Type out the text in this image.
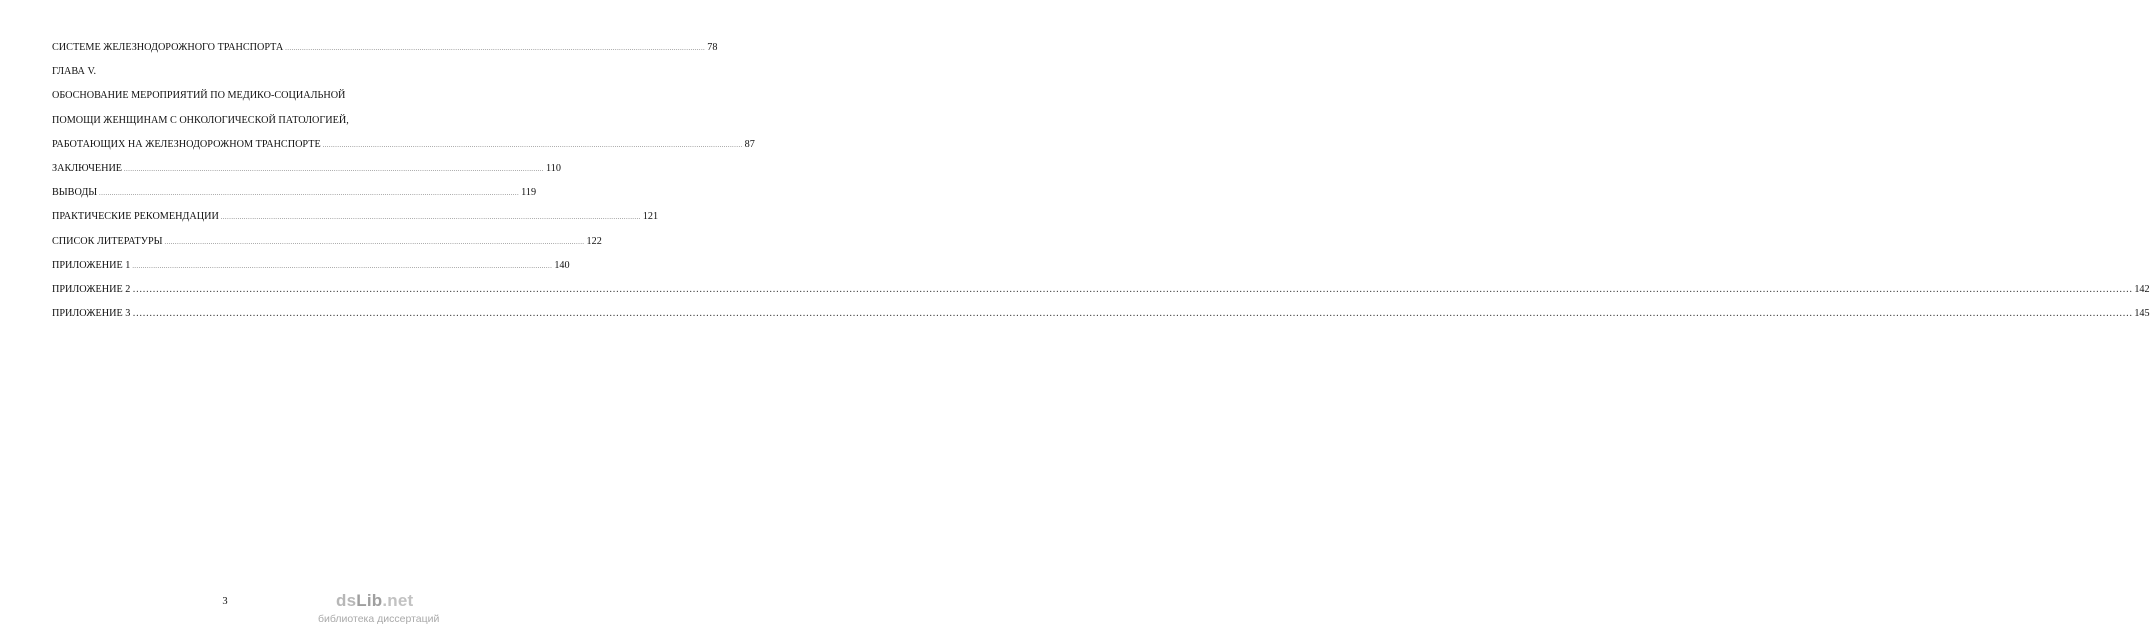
СИСТЕМЕ ЖЕЛЕЗНОДОРОЖНОГО ТРАНСПОРТА ........................................................................................................................................................................................................ 78
ГЛАВА V.
ОБОСНОВАНИЕ МЕРОПРИЯТИЙ ПО МЕДИКО-СОЦИАЛЬНОЙ
ПОМОЩИ ЖЕНЩИНАМ С ОНКОЛОГИЧЕСКОЙ ПАТОЛОГИЕЙ,
РАБОТАЮЩИХ НА ЖЕЛЕЗНОДОРОЖНОМ ТРАНСПОРТЕ ........................................................................................................................................................................................................ 87
ЗАКЛЮЧЕНИЕ ........................................................................................................................................................................................................ 110
ВЫВОДЫ ........................................................................................................................................................................................................ 119
ПРАКТИЧЕСКИЕ РЕКОМЕНДАЦИИ ........................................................................................................................................................................................................ 121
СПИСОК ЛИТЕРАТУРЫ ........................................................................................................................................................................................................ 122
ПРИЛОЖЕНИЕ 1 ........................................................................................................................................................................................................ 140
ПРИЛОЖЕНИЕ 2 …………………………………………………………………………………………………………………………………………………………………………………………………………………………………………………………………………………………………………………………………………………………………………………………………………………………………………………………………………………………………………………………………………………… 142
ПРИЛОЖЕНИЕ 3 …………………………………………………………………………………………………………………………………………………………………………………………………………………………………………………………………………………………………………………………………………………………………………………………………………………………………………………………………………………………………………………………………………………… 145
3	dsLib.net
библиотека диссертаций
